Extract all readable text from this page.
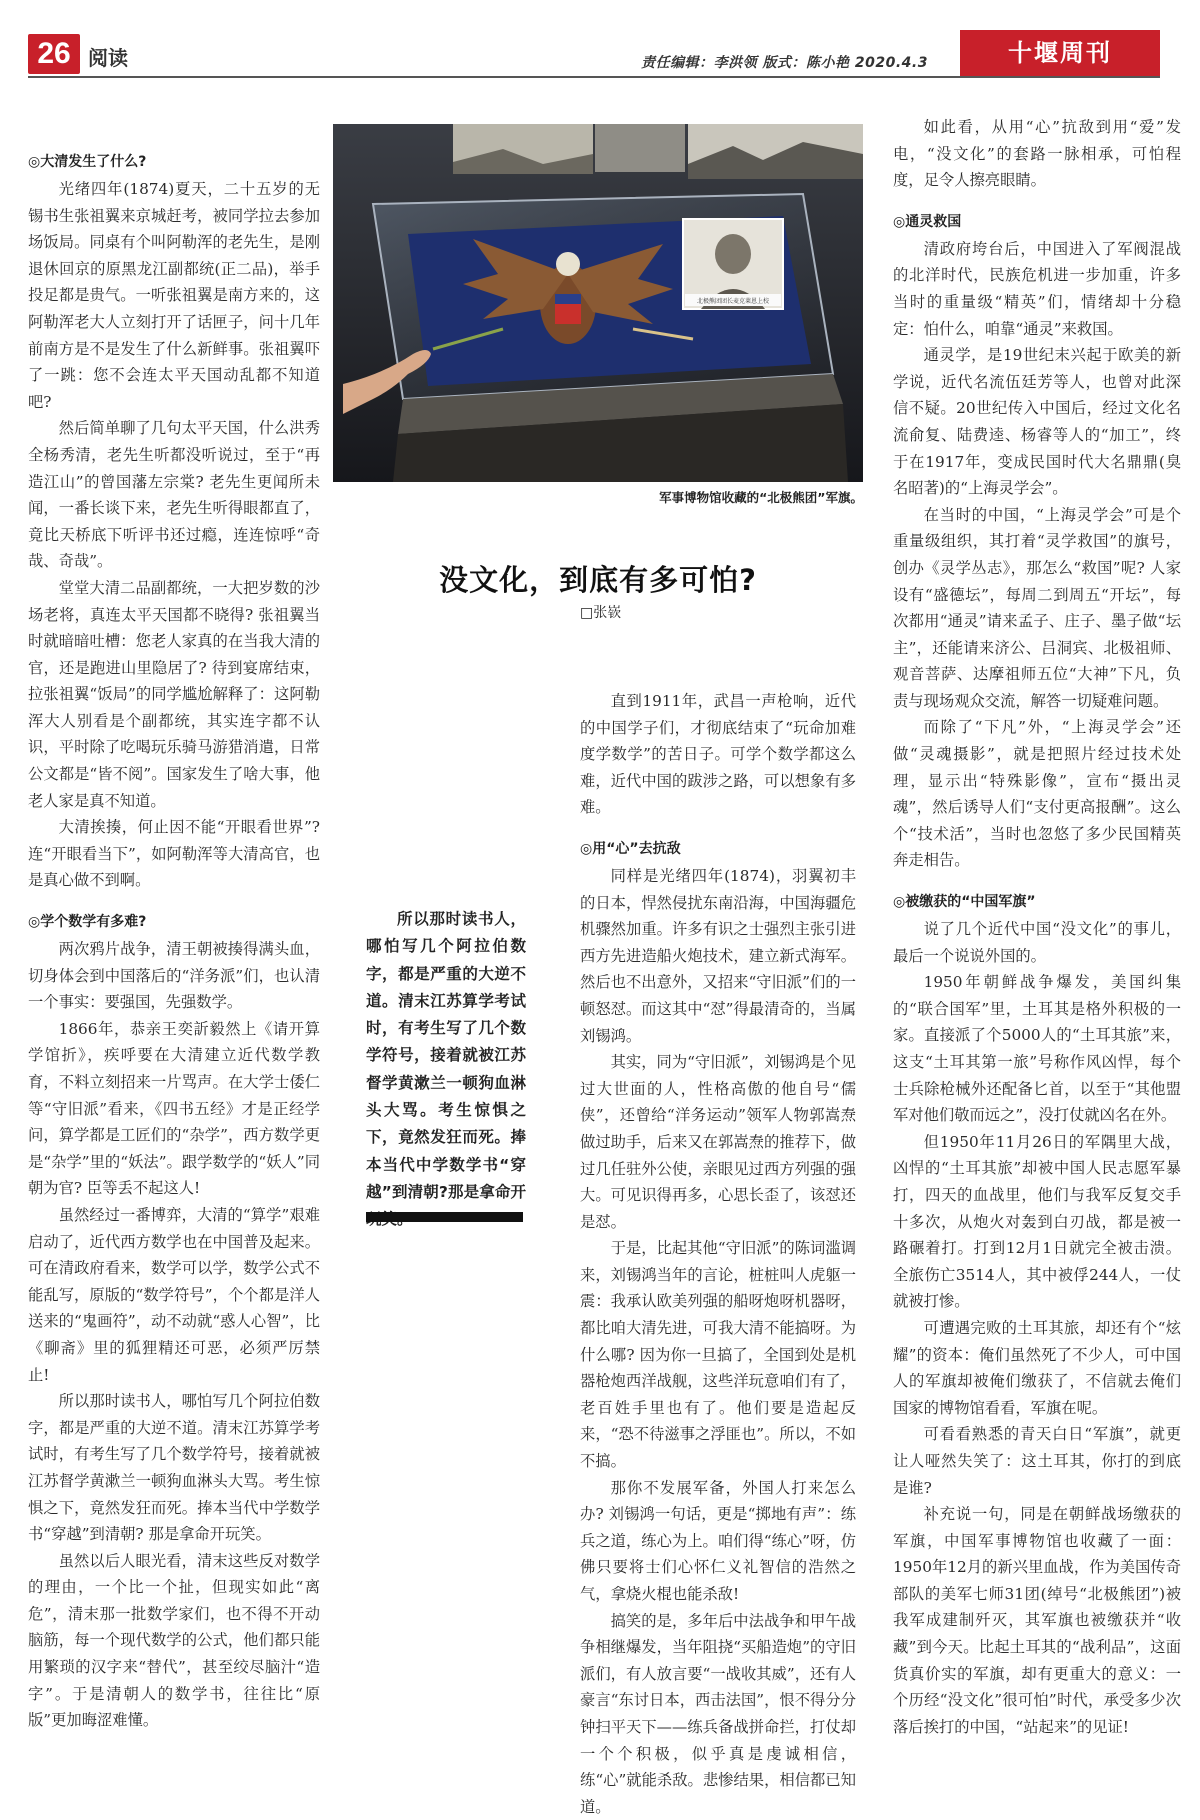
26 阅读	责任编辑：李洪领 版式：陈小艳 2020.4.3	十堰周刊
◎大清发生了什么?

光绪四年(1874)夏天，二十五岁的无锡书生张祖翼来京城赶考，被同学拉去参加场饭局。同桌有个叫阿勒浑的老先生，是刚退休回京的原黑龙江副都统(正二品)，举手投足都是贵气。一听张祖翼是南方来的，这阿勒浑老大人立刻打开了话匣子，问十几年前南方是不是发生了什么新鲜事。张祖翼吓了一跳：您不会连太平天国动乱都不知道吧?

然后简单聊了几句太平天国，什么洪秀全杨秀清，老先生听都没听说过，至于“再造江山”的曾国藩左宗棠? 老先生更闻所未闻，一番长谈下来，老先生听得眼都直了，竟比天桥底下听评书还过瘾，连连惊呼“奇哉、奇哉”。

堂堂大清二品副都统，一大把岁数的沙场老将，真连太平天国都不晓得? 张祖翼当时就暗暗吐槽：您老人家真的在当我大清的官，还是跑进山里隐居了? 待到宴席结束，拉张祖翼“饭局”的同学尴尬解释了：这阿勒浑大人别看是个副都统，其实连字都不认识，平时除了吃喝玩乐骑马游猎消遣，日常公文都是“皆不阅”。国家发生了啥大事，他老人家是真不知道。

大清挨揍，何止因不能“开眼看世界”? 连“开眼看当下”，如阿勒浑等大清高官，也是真心做不到啊。

◎学个数学有多难?

两次鸦片战争，清王朝被揍得满头血，切身体会到中国落后的“洋务派”们，也认清一个事实：要强国，先强数学。

1866年，恭亲王奕訢毅然上《请开算学馆折》，疾呼要在大清建立近代数学教育，不料立刻招来一片骂声。在大学士倭仁等“守旧派”看来，《四书五经》才是正经学问，算学都是工匠们的“杂学”，西方数学更是“杂学”里的“妖法”。跟学数学的“妖人”同朝为官? 臣等丢不起这人!

虽然经过一番博弈，大清的“算学”艰难启动了，近代西方数学也在中国普及起来。可在清政府看来，数学可以学，数学公式不能乱写，原版的“数学符号”，个个都是洋人送来的“鬼画符”，动不动就“惑人心智”，比《聊斋》里的狐狸精还可恶，必须严厉禁止!

所以那时读书人，哪怕写几个阿拉伯数字，都是严重的大逆不道。清末江苏算学考试时，有考生写了几个数学符号，接着就被江苏督学黄漱兰一顿狗血淋头大骂。考生惊惧之下，竟然发狂而死。捧本当代中学数学书“穿越”到清朝? 那是拿命开玩笑。

虽然以后人眼光看，清末这些反对数学的理由，一个比一个扯，但现实如此“离危”，清末那一批数学家们，也不得不开动脑筋，每一个现代数学的公式，他们都只能用繁琐的汉字来“替代”，甚至绞尽脑汁“造字”。于是清朝人的数学书，往往比“原版”更加晦涩难懂。

北极熊团团长麦克莱恩上校
军事博物馆收藏的“北极熊团”军旗。
没文化，到底有多可怕?
□张嵚
所以那时读书人，哪怕写几个阿拉伯数字，都是严重的大逆不道。清末江苏算学考试时，有考生写了几个数学符号，接着就被江苏督学黄漱兰一顿狗血淋头大骂。考生惊惧之下，竟然发狂而死。捧本当代中学数学书“穿越”到清朝?那是拿命开

直到1911年，武昌一声枪响，近代的中国学子们，才彻底结束了“玩命加难度学数学”的苦日子。可学个数学都这么难，近代中国的跋涉之路，可以想象有多难。

◎用“心”去抗敌

同样是光绪四年(1874)，羽翼初丰的日本，悍然侵扰东南沿海，中国海疆危机骤然加重。许多有识之士强烈主张引进西方先进造船火炮技术，建立新式海军。然后也不出意外，又招来“守旧派”们的一顿怒怼。而这其中“怼”得最清奇的，当属刘锡鸿。

其实，同为“守旧派”，刘锡鸿是个见过大世面的人，性格高傲的他自号“儒侠”，还曾给“洋务运动”领军人物郭嵩焘做过助手，后来又在郭嵩焘的推荐下，做过几任驻外公使，亲眼见过西方列强的强大。可见识得再多，心思长歪了，该怼还是怼。

于是，比起其他“守旧派”的陈词滥调来，刘锡鸿当年的言论，桩桩叫人虎躯一震：我承认欧美列强的船呀炮呀机器呀，都比咱大清先进，可我大清不能搞呀。为什么哪? 因为你一旦搞了，全国到处是机器枪炮西洋战舰，这些洋玩意咱们有了，老百姓手里也有了。他们要是造起反来，“恐不待滋事之浮匪也”。所以，不如不搞。

那你不发展军备，外国人打来怎么办? 刘锡鸿一句话，更是“掷地有声”：练兵之道，练心为上。咱们得“练心”呀，仿佛只要将士们心怀仁义礼智信的浩然之气，拿烧火棍也能杀敌!

搞笑的是，多年后中法战争和甲午战争相继爆发，当年阻挠“买船造炮”的守旧派们，有人放言要“一战收其威”，还有人豪言“东讨日本，西击法国”，恨不得分分钟扫平天下——练兵备战拼命拦，打仗却一个个积极，似乎真是虔诚相信，练“心”就能杀敌。悲惨结果，相信都已知道。

如此看，从用“心”抗敌到用“爱”发电，“没文化”的套路一脉相承，可怕程度，足令人擦亮眼睛。

◎通灵救国

清政府垮台后，中国进入了军阀混战的北洋时代，民族危机进一步加重，许多当时的重量级“精英”们，情绪却十分稳定：怕什么，咱靠“通灵”来救国。

通灵学，是19世纪末兴起于欧美的新学说，近代名流伍廷芳等人，也曾对此深信不疑。20世纪传入中国后，经过文化名流俞复、陆费逵、杨睿等人的“加工”，终于在1917年，变成民国时代大名鼎鼎(臭名昭著)的“上海灵学会”。

在当时的中国，“上海灵学会”可是个重量级组织，其打着“灵学救国”的旗号，创办《灵学丛志》，那怎么“救国”呢? 人家设有“盛德坛”，每周二到周五“开坛”，每次都用“通灵”请来孟子、庄子、墨子做“坛主”，还能请来济公、吕洞宾、北极祖师、观音菩萨、达摩祖师五位“大神”下凡，负责与现场观众交流，解答一切疑难问题。

而除了“下凡”外，“上海灵学会”还做“灵魂摄影”，就是把照片经过技术处理，显示出“特殊影像”，宣布“摄出灵魂”，然后诱导人们“支付更高报酬”。这么个“技术活”，当时也忽悠了多少民国精英奔走相告。

◎被缴获的“中国军旗”

说了几个近代中国“没文化”的事儿，最后一个说说外国的。

1950年朝鲜战争爆发，美国纠集的“联合国军”里，土耳其是格外积极的一家。直接派了个5000人的“土耳其旅”来，这支“土耳其第一旅”号称作风凶悍，每个士兵除枪械外还配备匕首，以至于“其他盟军对他们敬而远之”，没打仗就凶名在外。

但1950年11月26日的军隅里大战，凶悍的“土耳其旅”却被中国人民志愿军暴打，四天的血战里，他们与我军反复交手十多次，从炮火对轰到白刃战，都是被一路碾着打。打到12月1日就完全被击溃。全旅伤亡3514人，其中被俘244人，一仗就被打惨。

可遭遇完败的土耳其旅，却还有个“炫耀”的资本：俺们虽然死了不少人，可中国人的军旗却被俺们缴获了，不信就去俺们国家的博物馆看看，军旗在呢。

可看看熟悉的青天白日“军旗”，就更让人哑然失笑了：这土耳其，你打的到底是谁?

补充说一句，同是在朝鲜战场缴获的军旗，中国军事博物馆也收藏了一面：1950年12月的新兴里血战，作为美国传奇部队的美军七师31团(绰号“北极熊团”)被我军成建制歼灭，其军旗也被缴获并“收藏”到今天。比起土耳其的“战利品”，这面货真价实的军旗，却有更重大的意义：一个历经“没文化”很可怕”时代，承受多少次落后挨打的中国，“站起来”的见证!
